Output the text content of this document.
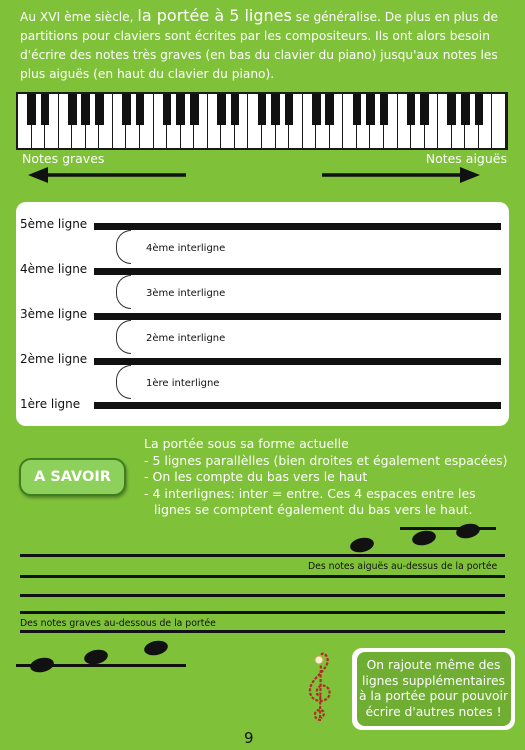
Au XVI ème siècle, la portée à 5 lignes se généralise. De plus en plus de partitions pour claviers sont écrites par les compositeurs. Ils ont alors besoin d'écrire des notes très graves (en bas du clavier du piano) jusqu'aux notes les plus aiguës (en haut du clavier du piano).
Notes graves	Notes aiguës
5ème ligne
4ème interligne
4ème ligne
3ème interligne
3ème ligne
2ème interligne
2ème ligne
1ère interligne
1ère ligne
A SAVOIR
La portée sous sa forme actuelle
- 5 lignes parallèlles (bien droites et également espacées)
- On les compte du bas vers le haut
- 4 interlignes: inter = entre. Ces 4 espaces entre les
lignes se comptent également du bas vers le haut.
Des notes aiguës au-dessus de la portée
Des notes graves au-dessous de la portée
On rajoute même des
lignes supplémentaires
à la portée pour pouvoir
écrire d'autres notes !
9
